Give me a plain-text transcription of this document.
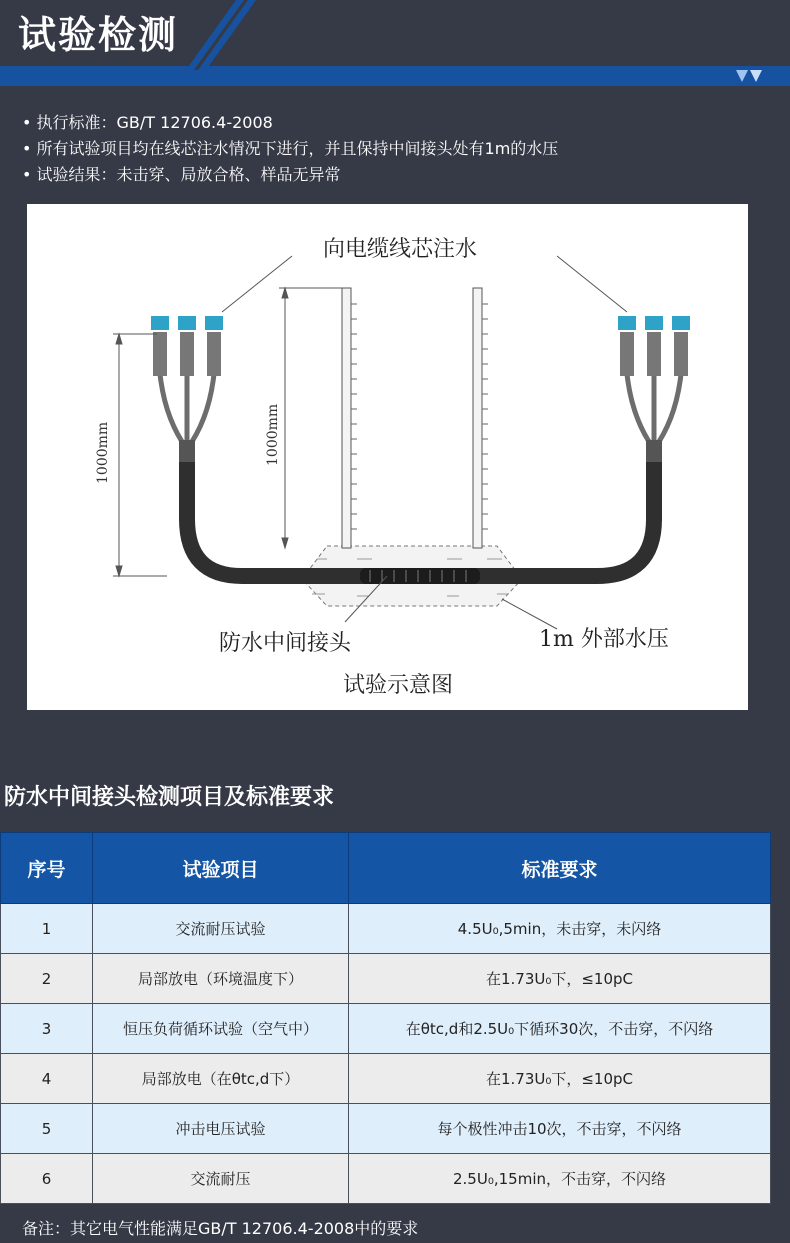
试验检测
• 执行标准：GB/T 12706.4-2008
• 所有试验项目均在线芯注水情况下进行，并且保持中间接头处有1m的水压
• 试验结果：未击穿、局放合格、样品无异常
向电缆线芯注水
1000mm	1000mm
防水中间接头	1m 外部水压
试验示意图
防水中间接头检测项目及标准要求
序号	试验项目	标准要求
1	交流耐压试验	4.5U₀,5min，未击穿，未闪络
2	局部放电（环境温度下）	在1.73U₀下，≤10pC
3	恒压负荷循环试验（空气中）	在θtc,d和2.5U₀下循环30次，不击穿，不闪络
4	局部放电（在θtc,d下）	在1.73U₀下，≤10pC
5	冲击电压试验	每个极性冲击10次，不击穿，不闪络
6	交流耐压	2.5U₀,15min，不击穿，不闪络
备注：其它电气性能满足GB/T 12706.4-2008中的要求
